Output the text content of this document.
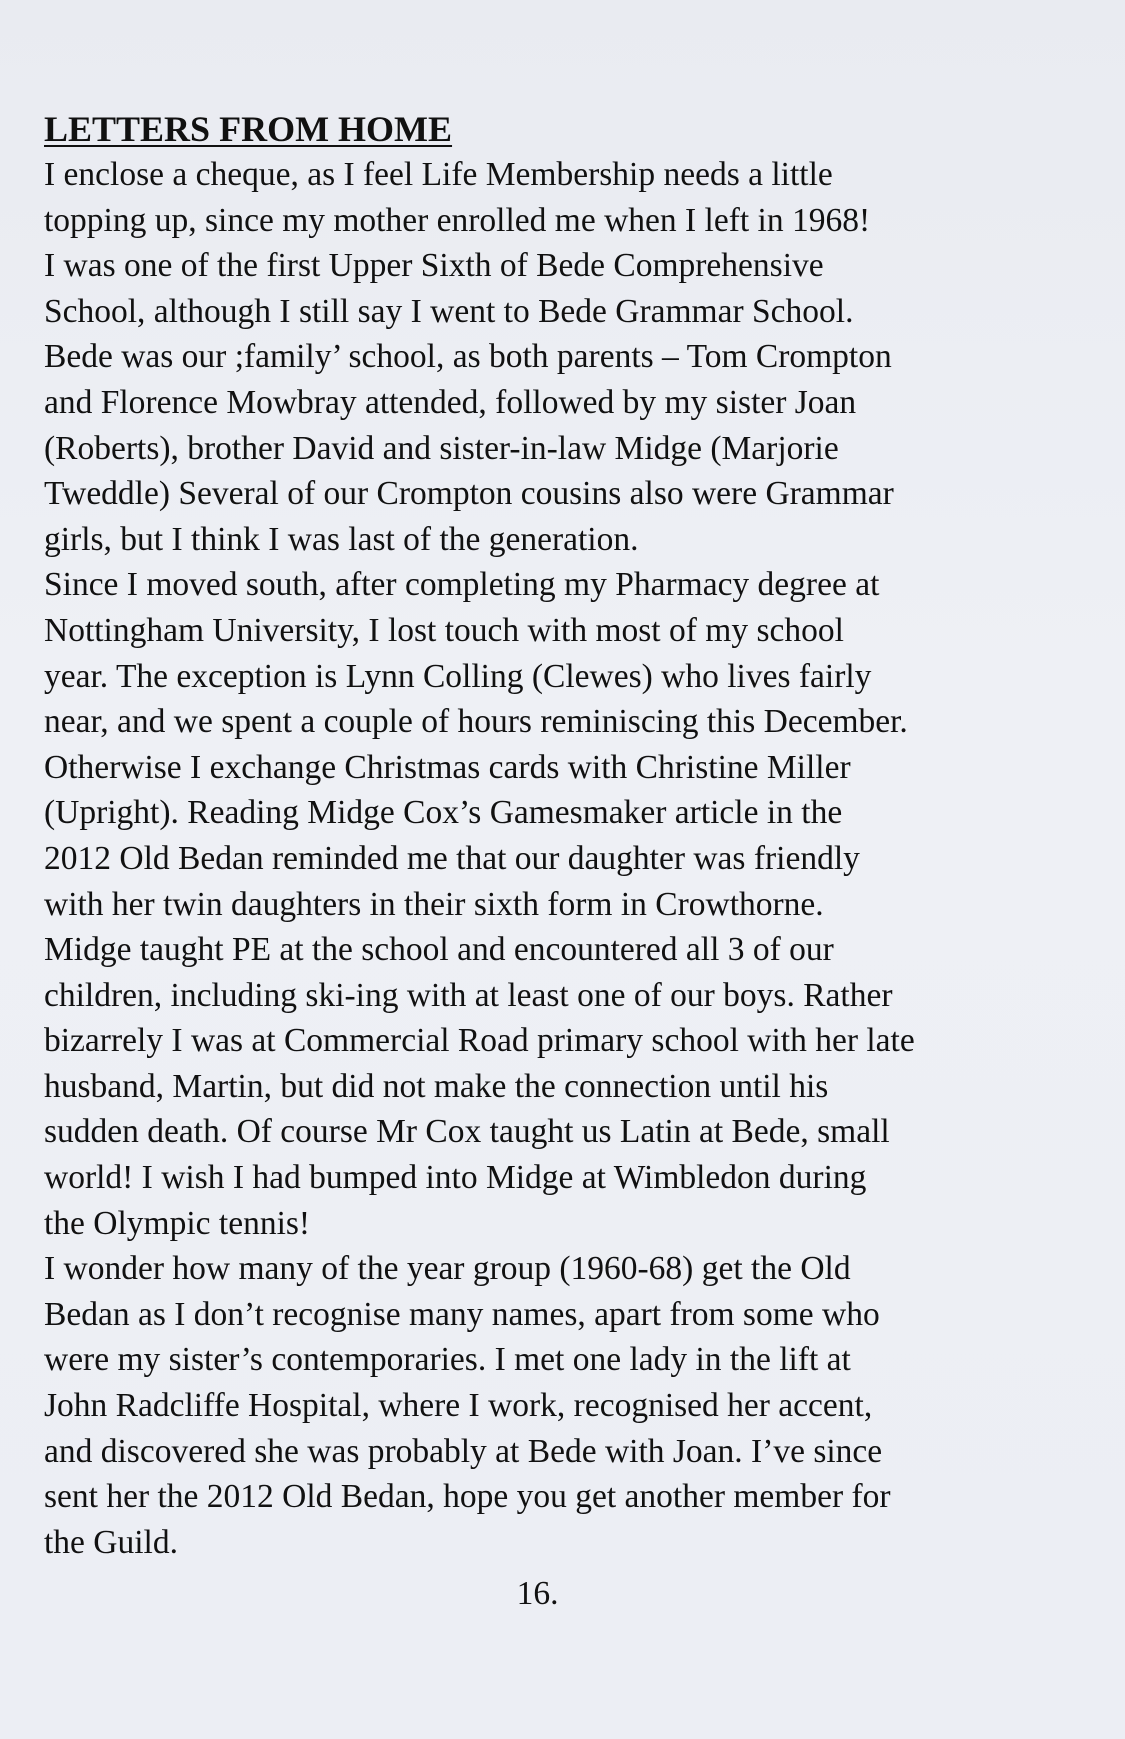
LETTERS FROM HOME
I enclose a cheque, as I feel Life Membership needs a little
topping up, since my mother enrolled me when I left in 1968!
I was one of the first Upper Sixth of Bede Comprehensive
School, although I still say I went to Bede Grammar School.
Bede was our ;family’ school, as both parents – Tom Crompton
and Florence Mowbray attended, followed by my sister Joan
(Roberts), brother David and sister-in-law Midge (Marjorie
Tweddle) Several of our Crompton cousins also were Grammar
girls, but I think I was last of the generation.
Since I moved south, after completing my Pharmacy degree at
Nottingham University, I lost touch with most of my school
year. The exception is Lynn Colling (Clewes) who lives fairly
near, and we spent a couple of hours reminiscing this December.
Otherwise I exchange Christmas cards with Christine Miller
(Upright). Reading Midge Cox’s Gamesmaker article in the
2012 Old Bedan reminded me that our daughter was friendly
with her twin daughters in their sixth form in Crowthorne.
Midge taught PE at the school and encountered all 3 of our
children, including ski-ing with at least one of our boys. Rather
bizarrely I was at Commercial Road primary school with her late
husband, Martin, but did not make the connection until his
sudden death. Of course Mr Cox taught us Latin at Bede, small
world! I wish I had bumped into Midge at Wimbledon during
the Olympic tennis!
I wonder how many of the year group (1960-68) get the Old
Bedan as I don’t recognise many names, apart from some who
were my sister’s contemporaries. I met one lady in the lift at
John Radcliffe Hospital, where I work, recognised her accent,
and discovered she was probably at Bede with Joan. I’ve since
sent her the 2012 Old Bedan, hope you get another member for
the Guild.
16.
